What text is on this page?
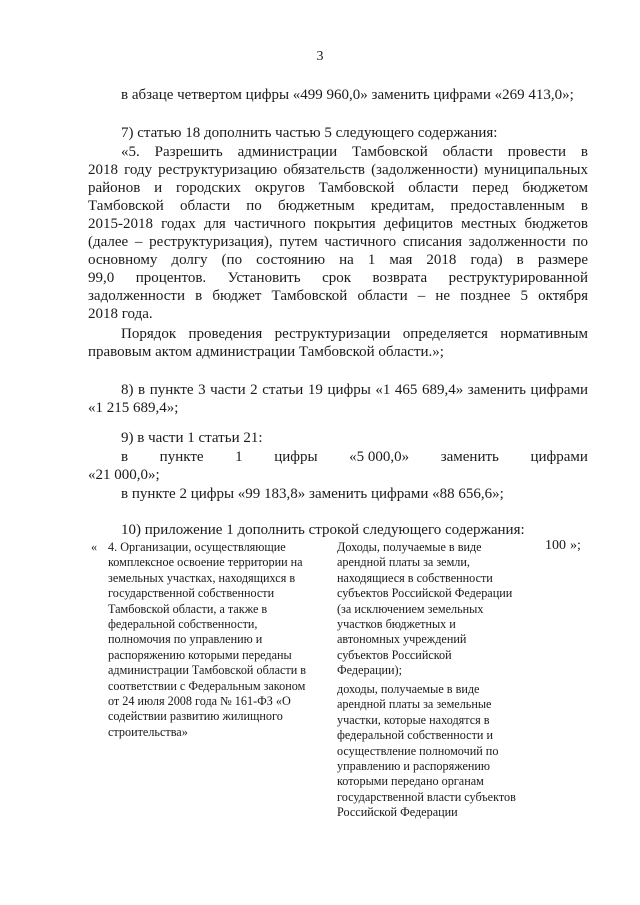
3
в абзаце четвертом цифры «499 960,0» заменить цифрами «269 413,0»;
7) статью 18 дополнить частью 5 следующего содержания:
«5. Разрешить администрации Тамбовской области провести в
2018 году реструктуризацию обязательств (задолженности) муниципальных
районов и городских округов Тамбовской области перед бюджетом
Тамбовской области по бюджетным кредитам, предоставленным в
2015-2018 годах для частичного покрытия дефицитов местных бюджетов
(далее – реструктуризация), путем частичного списания задолженности по
основному долгу (по состоянию на 1 мая 2018 года) в размере
99,0 процентов. Установить срок возврата реструктурированной
задолженности в бюджет Тамбовской области – не позднее 5 октября
2018 года.
Порядок проведения реструктуризации определяется нормативным
правовым актом администрации Тамбовской области.»;
8) в пункте 3 части 2 статьи 19 цифры «1 465 689,4» заменить цифрами
«1 215 689,4»;
9) в части 1 статьи 21:
в пункте 1 цифры «5 000,0» заменить цифрами
«21 000,0»;
в пункте 2 цифры «99 183,8» заменить цифрами «88 656,6»;
10) приложение 1 дополнить строкой следующего содержания:
« 4. Организации, осуществляющие
комплексное освоение территории на
земельных участках, находящихся в
государственной собственности
Тамбовской области, а также в
федеральной собственности,
полномочия по управлению и
распоряжению которыми переданы
администрации Тамбовской области в
соответствии с Федеральным законом
от 24 июля 2008 года № 161-ФЗ «О
содействии развитию жилищного
строительства»
Доходы, получаемые в виде
арендной платы за земли,
находящиеся в собственности
субъектов Российской Федерации
(за исключением земельных
участков бюджетных и
автономных учреждений
субъектов Российской
Федерации);
доходы, получаемые в виде
арендной платы за земельные
участки, которые находятся в
федеральной собственности и
осуществление полномочий по
управлению и распоряжению
которыми передано органам
государственной власти субъектов
Российской Федерации
100 »;
